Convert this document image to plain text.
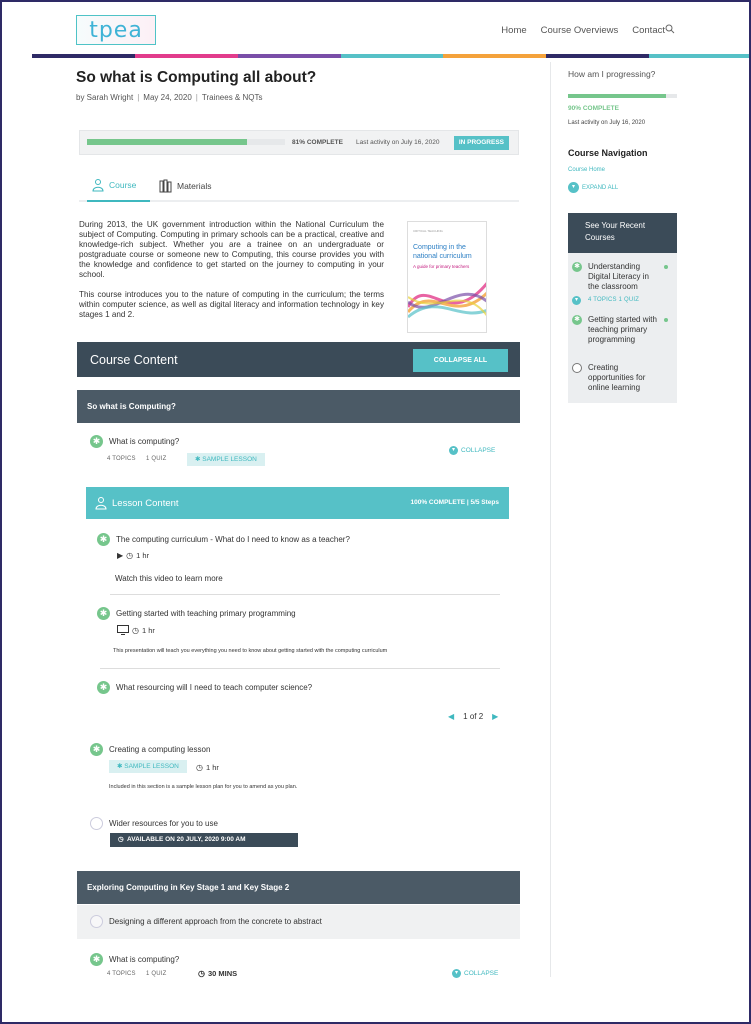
tpea	Home Course Overviews Contact
So what is Computing all about?
by Sarah Wright | May 24, 2020 | Trainees & NQTs
81% COMPLETE Last activity on July 16, 2020	IN PROGRESS
Course	Materials

During 2013, the UK government introduction within the National Curriculum the subject of Computing. Computing in primary schools can be a practical, creative and knowledge-rich subject. Whether you are a trainee on an undergraduate or postgraduate course or someone new to Computing, this course provides you with the knowledge and confidence to get started on the journey to computing in your school.

This course introduces you to the nature of computing in the curriculum; the terms within computer science, as well as digital literacy and information technology in key stages 1 and 2.

CRITICAL TEACHING
Computing in the national curriculum
A guide for primary teachers
Course Content	COLLAPSE ALL
So what is Computing?
✱	What is computing?
4 TOPICS 1 QUIZ	✱ SAMPLE LESSON
▾ COLLAPSE
Lesson Content	100% COMPLETE | 5/5 Steps
✱	The computing curriculum - What do I need to know as a teacher?
▶ ◷ 1 hr
Watch this video to learn more
✱	Getting started with teaching primary programming
◷ 1 hr
This presentation will teach you everything you need to know about getting started with the computing curriculum
✱	What resourcing will I need to teach computer science?
◀ 1 of 2 ▶
✱	Creating a computing lesson
✱ SAMPLE LESSON	◷ 1 hr
Included in this section is a sample lesson plan for you to amend as you plan.
Wider resources for you to use
◷ AVAILABLE ON 20 JULY, 2020 9:00 AM
Exploring Computing in Key Stage 1 and Key Stage 2
Designing a different approach from the concrete to abstract
✱	What is computing?
4 TOPICS 1 QUIZ	◷ 30 MINS	▾ COLLAPSE
How am I progressing?
90% COMPLETE
Last activity on July 16, 2020
Course Navigation
Course Home
▾	EXPAND ALL
See Your Recent Courses
✱ Understanding Digital Literacy in the classroom
▾	4 TOPICS 1 QUIZ
✱ Getting started with teaching primary programming
Creating opportunities for online learning
